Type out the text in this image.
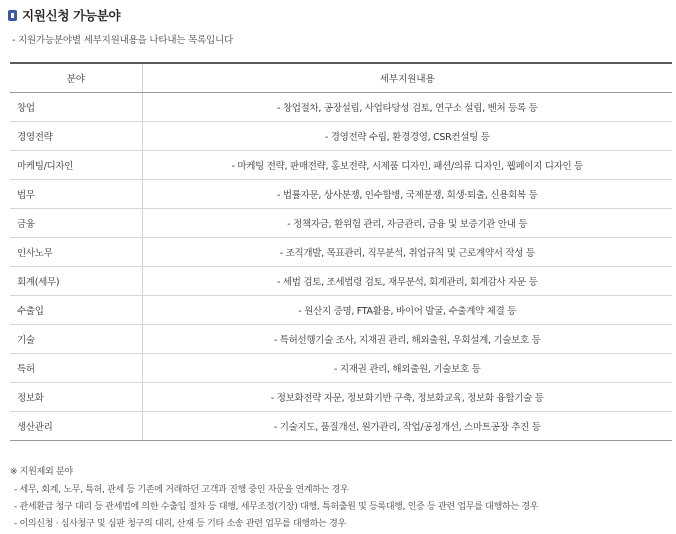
지원신청 가능분야
- 지원가능분야별 세부지원내용을 나타내는 목록입니다
분야	세부지원내용
창업	- 창업절차, 공장설립, 사업타당성 검토, 연구소 설립, 벤처 등록 등
경영전략	- 경영전략 수립, 환경경영, CSR컨설팅 등
마케팅/디자인	- 마케팅 전략, 판매전략, 홍보전략, 시제품 디자인, 패션/의류 디자인, 웹페이지 디자인 등
법무	- 법률자문, 상사분쟁, 인수합병, 국제분쟁, 회생·퇴출, 신용회복 등
금융	- 정책자금, 환위험 관리, 자금관리, 금융 및 보증기관 안내 등
인사노무	- 조직개발, 목표관리, 직무분석, 취업규칙 및 근로계약서 작성 등
회계(세무)	- 세법 검토, 조세법령 검토, 재무분석, 회계관리, 회계감사 자문 등
수출입	- 원산지 증명, FTA활용, 바이어 발굴, 수출계약 체결 등
기술	- 특허선행기술 조사, 지재권 관리, 해외출원, 우회설계, 기술보호 등
특허	- 지재권 관리, 해외출원, 기술보호 등
정보화	- 정보화전략 자문, 정보화기반 구축, 정보화교육, 정보화 융합기술 등
생산관리	- 기술지도, 품질개선, 원가관리, 작업/공정개선, 스마트공장 추진 등
※ 지원제외 분야
- 세무, 회계, 노무, 특허, 관세 등 기존에 거래하던 고객과 진행 중인 자문을 연계하는 경우
- 관세환급 청구 대리 등 관세법에 의한 수출입 절차 등 대행, 세무조정(기장) 대행, 특허출원 및 등록대행, 인증 등 관련 업무를 대행하는 경우
- 이의신청 · 심사청구 및 심판 청구의 대리, 산재 등 기타 소송 관련 업무를 대행하는 경우
